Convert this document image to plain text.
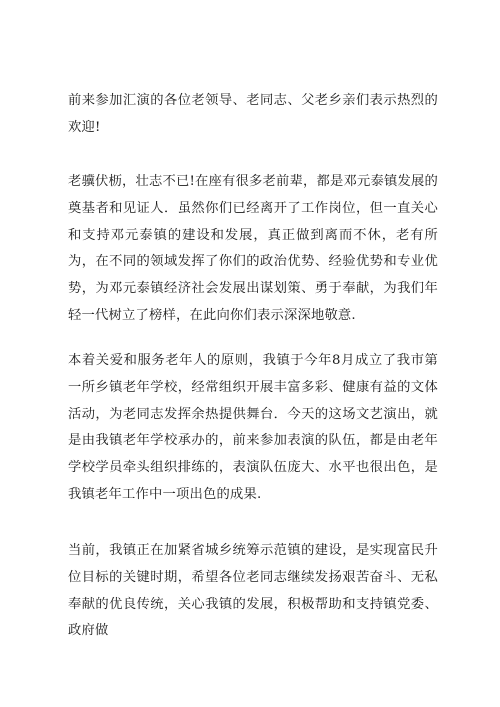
前来参加汇演的各位老领导、老同志、父老乡亲们表示热烈的欢迎!

老骥伏枥，壮志不已!在座有很多老前辈，都是邓元泰镇发展的奠基者和见证人．虽然你们已经离开了工作岗位，但一直关心和支持邓元泰镇的建设和发展，真正做到离而不休，老有所为，在不同的领域发挥了你们的政治优势、经验优势和专业优势，为邓元泰镇经济社会发展出谋划策、勇于奉献，为我们年轻一代树立了榜样，在此向你们表示深深地敬意.

本着关爱和服务老年人的原则，我镇于今年8月成立了我市第一所乡镇老年学校，经常组织开展丰富多彩、健康有益的文体活动，为老同志发挥余热提供舞台．今天的这场文艺演出，就是由我镇老年学校承办的，前来参加表演的队伍，都是由老年学校学员牵头组织排练的，表演队伍庞大、水平也很出色，是我镇老年工作中一项出色的成果.

当前，我镇正在加紧省城乡统筹示范镇的建设，是实现富民升位目标的关键时期，希望各位老同志继续发扬艰苦奋斗、无私奉献的优良传统，关心我镇的发展，积极帮助和支持镇党委、政府做
